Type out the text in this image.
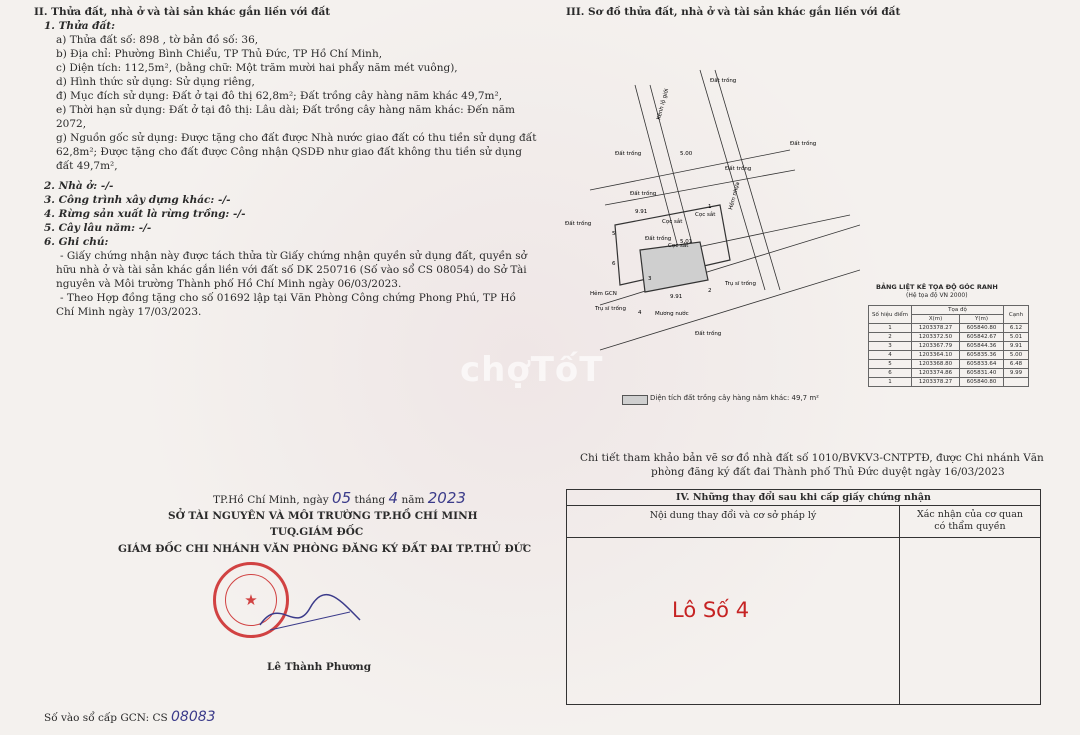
II. Thửa đất, nhà ở và tài sản khác gắn liền với đất
1. Thửa đất:
a) Thửa đất số: 898 , tờ bản đồ số: 36,
b) Địa chỉ: Phường Bình Chiểu, TP Thủ Đức, TP Hồ Chí Minh,
c) Diện tích: 112,5m², (bằng chữ: Một trăm mười hai phẩy năm mét vuông),
d) Hình thức sử dụng: Sử dụng riêng,
đ) Mục đích sử dụng: Đất ở tại đô thị 62,8m²; Đất trồng cây hàng năm khác 49,7m²,
e) Thời hạn sử dụng: Đất ở tại đô thị: Lâu dài; Đất trồng cây hàng năm khác: Đến năm
2072,
g) Nguồn gốc sử dụng: Được tặng cho đất được Nhà nước giao đất có thu tiền sử dụng đất
62,8m²; Được tặng cho đất được Công nhận QSDĐ như giao đất không thu tiền sử dụng
đất 49,7m²,
2. Nhà ở: -/-
3. Công trình xây dựng khác: -/-
4. Rừng sản xuất là rừng trồng: -/-
5. Cây lâu năm: -/-
6. Ghi chú:
- Giấy chứng nhận này được tách thửa từ Giấy chứng nhận quyền sử dụng đất, quyền sở
hữu nhà ở và tài sản khác gắn liền với đất số DK 250716 (Số vào sổ CS 08054) do Sở Tài
nguyên và Môi trường Thành phố Hồ Chí Minh ngày 06/03/2023.
- Theo Hợp đồng tặng cho số 01692 lập tại Văn Phòng Công chứng Phong Phú, TP Hồ
Chí Minh ngày 17/03/2023.
TP.Hồ Chí Minh, ngày 05 tháng 4 năm 2023
SỞ TÀI NGUYÊN VÀ MÔI TRƯỜNG TP.HỒ CHÍ MINH
TUQ.GIÁM ĐỐC
GIÁM ĐỐC CHI NHÁNH VĂN PHÒNG ĐĂNG KÝ ĐẤT ĐAI TP.THỦ ĐỨC
★
Lê Thành Phương
Số vào sổ cấp GCN: CS 08083
III. Sơ đồ thửa đất, nhà ở và tài sản khác gắn liền với đất
Đất trống
Đất trống
Đất trống
Đất trống
Đất trống
Đất trống
Đất trống
Đất trống
Kênh lộ giới
Hẻm nhựa
Hẻm GCN
Mương nước
Trụ sĩ trống
Trụ sĩ trống
Cọc sắt
Cọc sắt
Cọc sắt
5.00
9.91
9.91
5.01
1
2
3
4
5
6
BẢNG LIỆT KÊ TỌA ĐỘ GÓC RANH
(Hệ tọa độ VN 2000)
Số hiệu điểm	Tọa độ		Cạnh
	X(m)	Y(m)	
1	1203378.27	605840.80	6.12
2	1203372.50	605842.67	5.01
3	1203367.79	605844.36	9.91
4	1203364.10	605835.36	5.00
5	1203368.80	605833.64	6.48
6	1203374.86	605831.40	9.99
1	1203378.27	605840.80	
Diện tích đất trồng cây hàng năm khác: 49,7 m²
chợTốT
Chi tiết tham khảo bản vẽ sơ đồ nhà đất số 1010/BVKV3-CNTPTĐ, được Chi nhánh Văn
phòng đăng ký đất đai Thành phố Thủ Đức duyệt ngày 16/03/2023
IV. Những thay đổi sau khi cấp giấy chứng nhận
Nội dung thay đổi và cơ sở pháp lý	Xác nhận của cơ quan
có thẩm quyền
Lô Số 4
